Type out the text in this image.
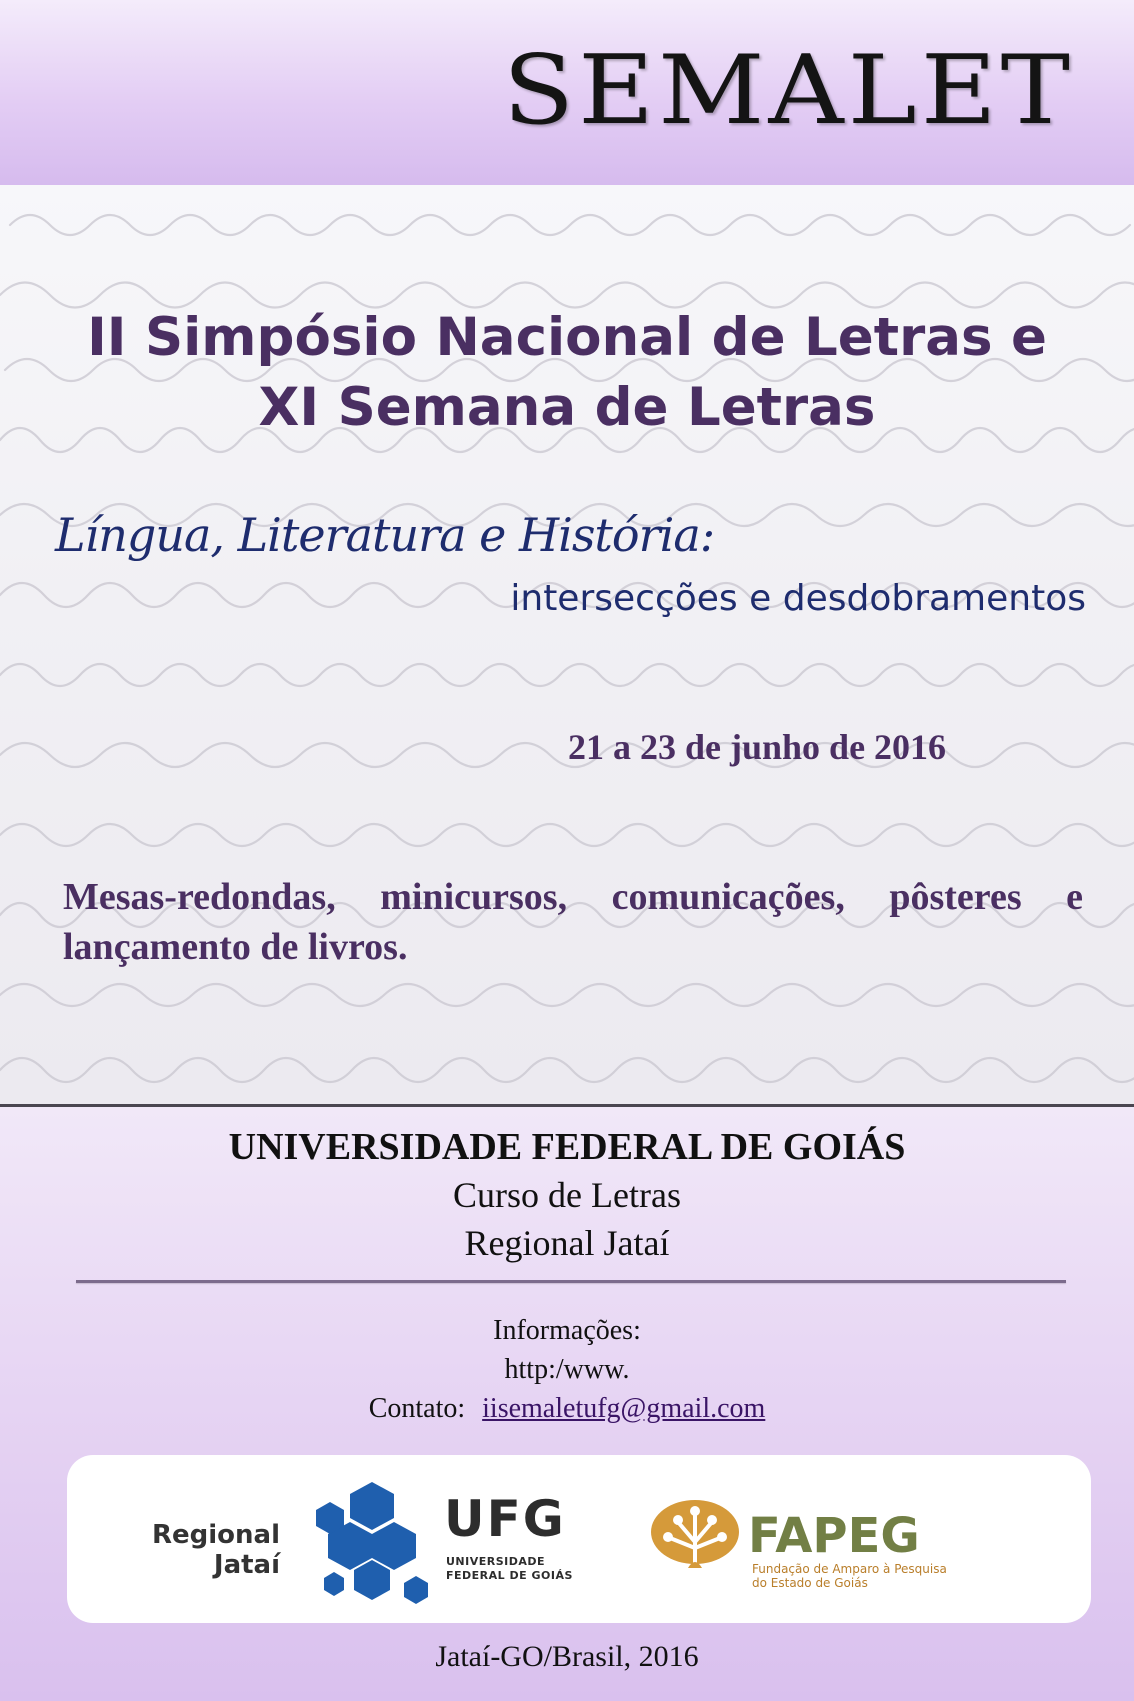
SEMALET
II Simpósio Nacional de Letras e
XI Semana de Letras
Língua, Literatura e História:
intersecções e desdobramentos
21 a 23 de junho de 2016
Mesas-redondas, minicursos, comunicações, pôsteres e lançamento de livros.
UNIVERSIDADE FEDERAL DE GOIÁS
Curso de Letras
Regional Jataí
Informações:
http:/www.
Contato: iisemaletufg@gmail.com
Regional
Jataí
UFG
UNIVERSIDADE
FEDERAL DE GOIÁS
FAPEG
Fundação de Amparo à Pesquisa
do Estado de Goiás
Jataí-GO/Brasil, 2016
